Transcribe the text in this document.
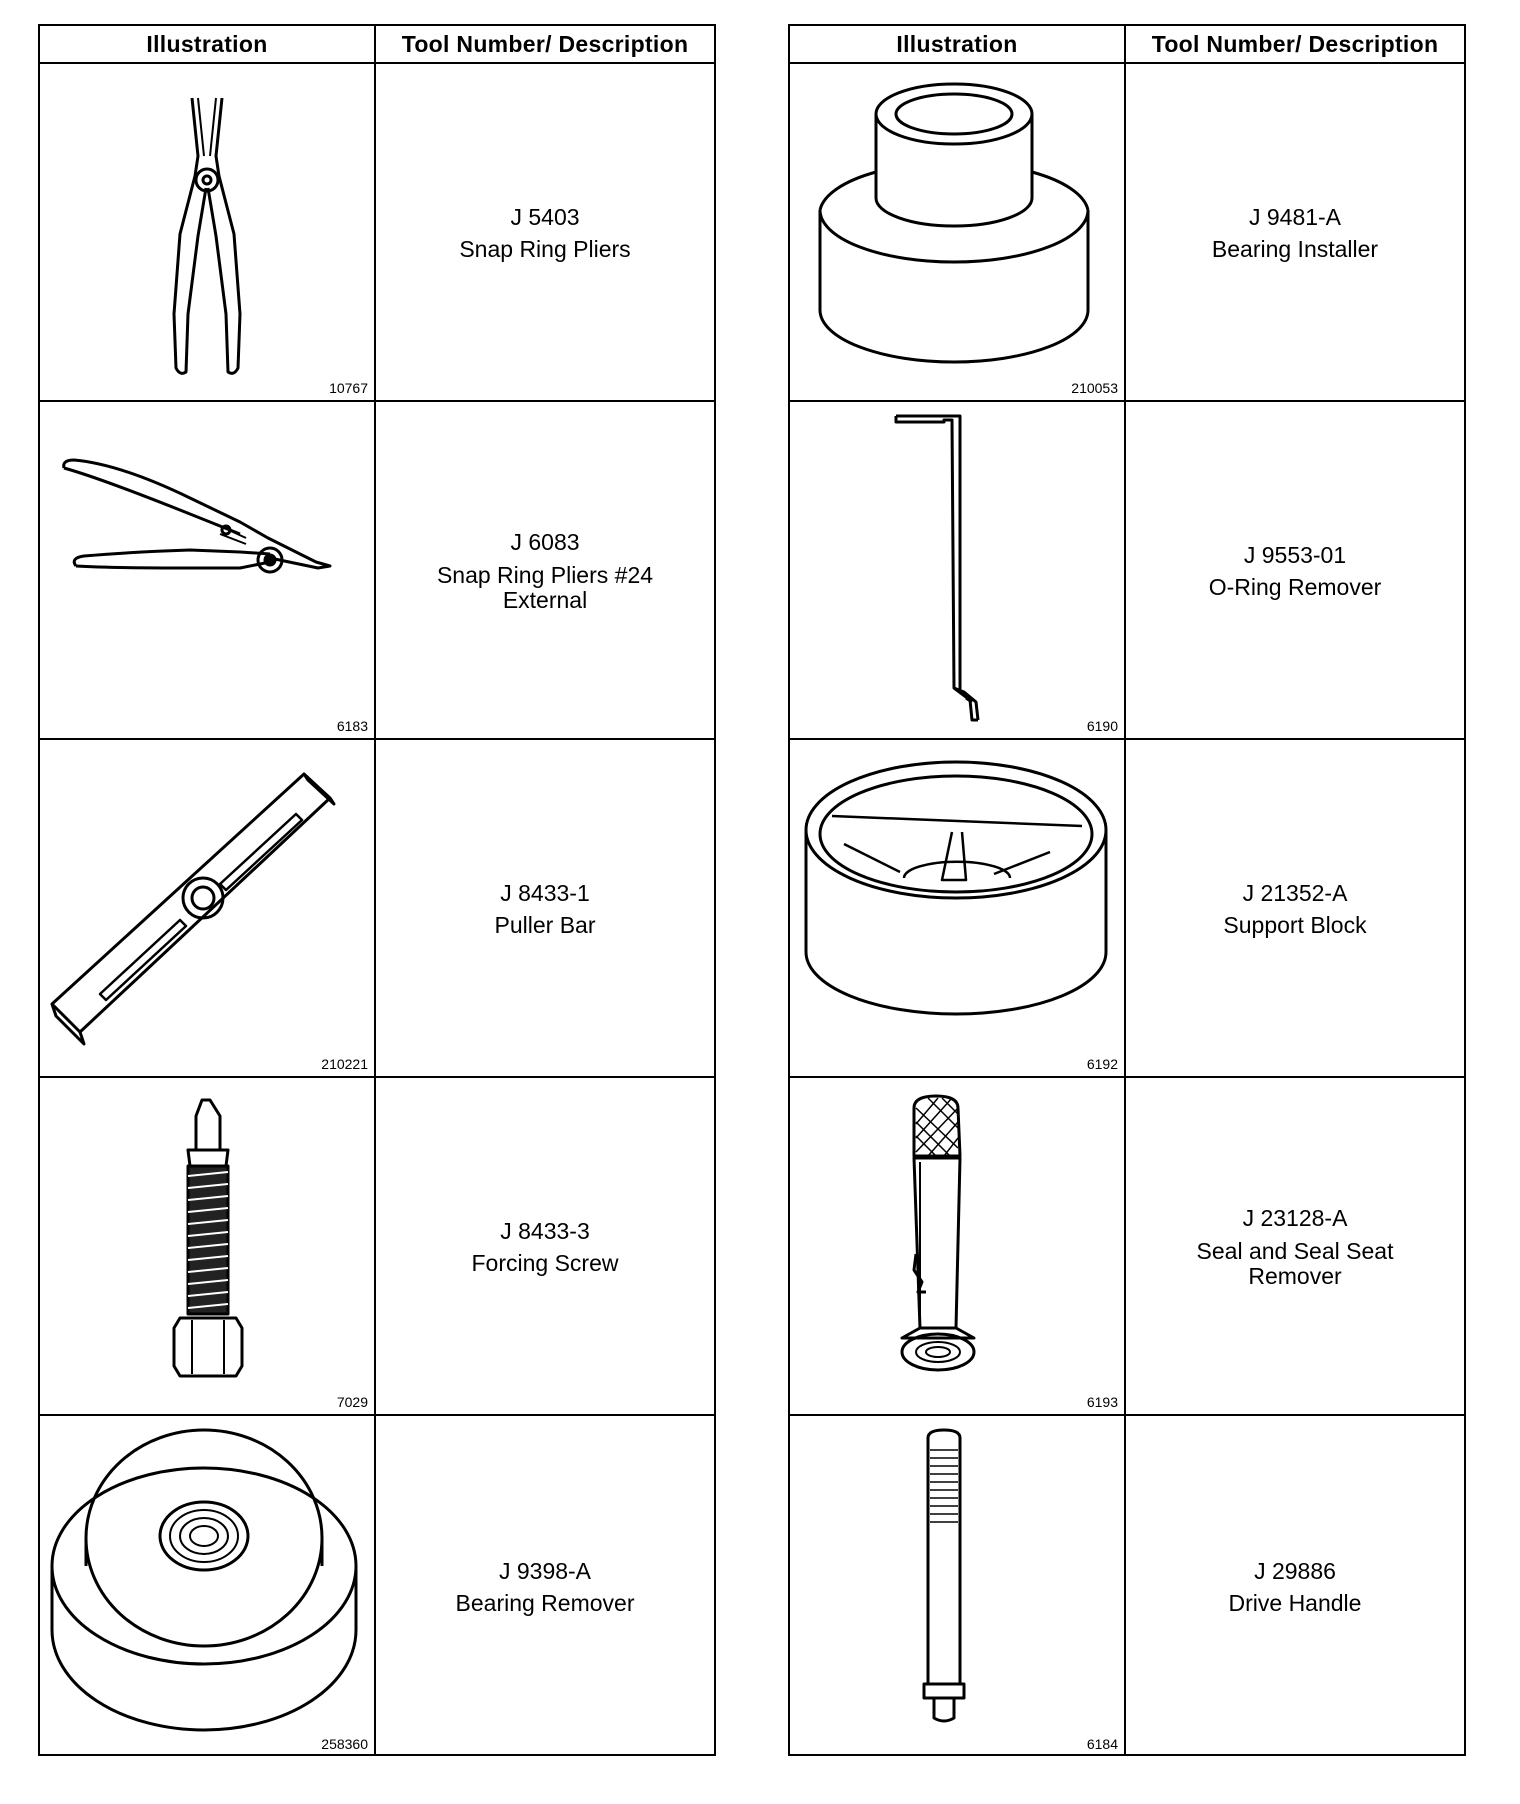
Illustration	Tool Number/ Description
10767
J 5403
Snap Ring Pliers
6183
J 6083
Snap Ring Pliers #24
External
210221
J 8433-1
Puller Bar
7029
J 8433-3
Forcing Screw
258360
J 9398-A
Bearing Remover
Illustration	Tool Number/ Description
210053
J 9481-A
Bearing Installer
6190
J 9553-01
O-Ring Remover
6192
J 21352-A
Support Block
6193
J 23128-A
Seal and Seal Seat
Remover
6184
J 29886
Drive Handle
